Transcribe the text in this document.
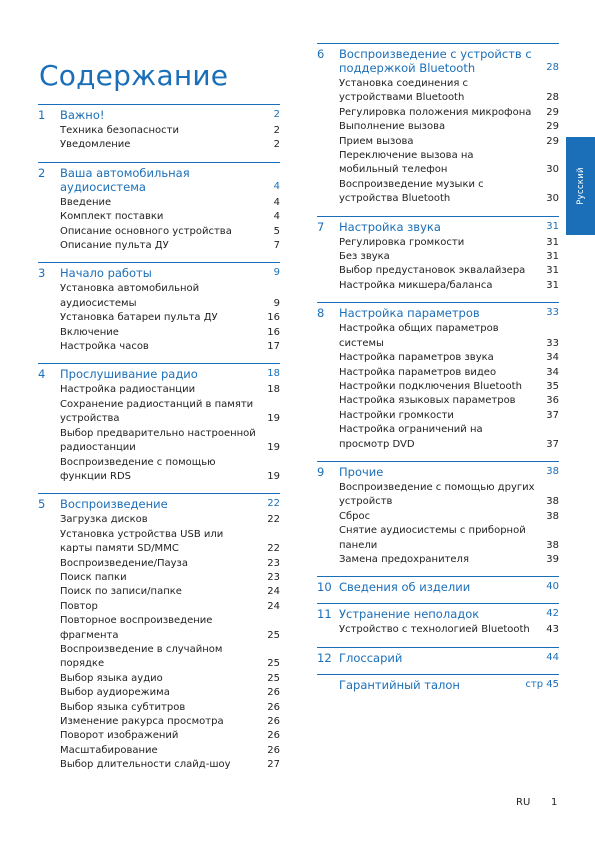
Содержание
1	Важно!	2
Техника безопасности	2
Уведомление	2
2	Ваша автомобильная аудиосистема	4
Введение	4
Комплект поставки	4
Описание основного устройства	5
Описание пульта ДУ	7
3	Начало работы	9
Установка автомобильной
аудиосистемы	9
Установка батареи пульта ДУ	16
Включение	16
Настройка часов	17
4	Прослушивание радио	18
Настройка радиостанции	18
Сохранение радиостанций в памяти
устройства	19
Выбор предварительно настроенной
радиостанции	19
Воспроизведение с помощью
функции RDS	19
5	Воспроизведение	22
Загрузка дисков	22
Установка устройства USB или
карты памяти SD/MMC	22
Воспроизведение/Пауза	23
Поиск папки	23
Поиск по записи/папке	24
Повтор	24
Повторное воспроизведение
фрагмента	25
Воспроизведение в случайном
порядке	25
Выбор языка аудио	25
Выбор аудиорежима	26
Выбор языка субтитров	26
Изменение ракурса просмотра	26
Поворот изображений	26
Масштабирование	26
Выбор длительности слайд-шоу	27
6	Воспроизведение с устройств с
поддержкой Bluetooth	28
Установка соединения с
устройствами Bluetooth	28
Регулировка положения микрофона	29
Выполнение вызова	29
Прием вызова	29
Переключение вызова на
мобильный телефон	30
Воспроизведение музыки с
устройства Bluetooth	30
7	Настройка звука	31
Регулировка громкости	31
Без звука	31
Выбор предустановок эквалайзера	31
Настройка микшера/баланса	31
8	Настройка параметров	33
Настройка общих параметров
системы	33
Настройка параметров звука	34
Настройка параметров видео	34
Настройки подключения Bluetooth	35
Настройка языковых параметров	36
Настройки громкости	37
Настройка ограничений на
просмотр DVD	37
9	Прочие	38
Воспроизведение с помощью других
устройств	38
Сброс	38
Снятие аудиосистемы с приборной
панели	38
Замена предохранителя	39
10 Сведения об изделии	40
11 Устранение неполадок	42
Устройство с технологией Bluetooth	43
12 Глоссарий	44
Гарантийный талон	стр 45
Русский
RU 1
